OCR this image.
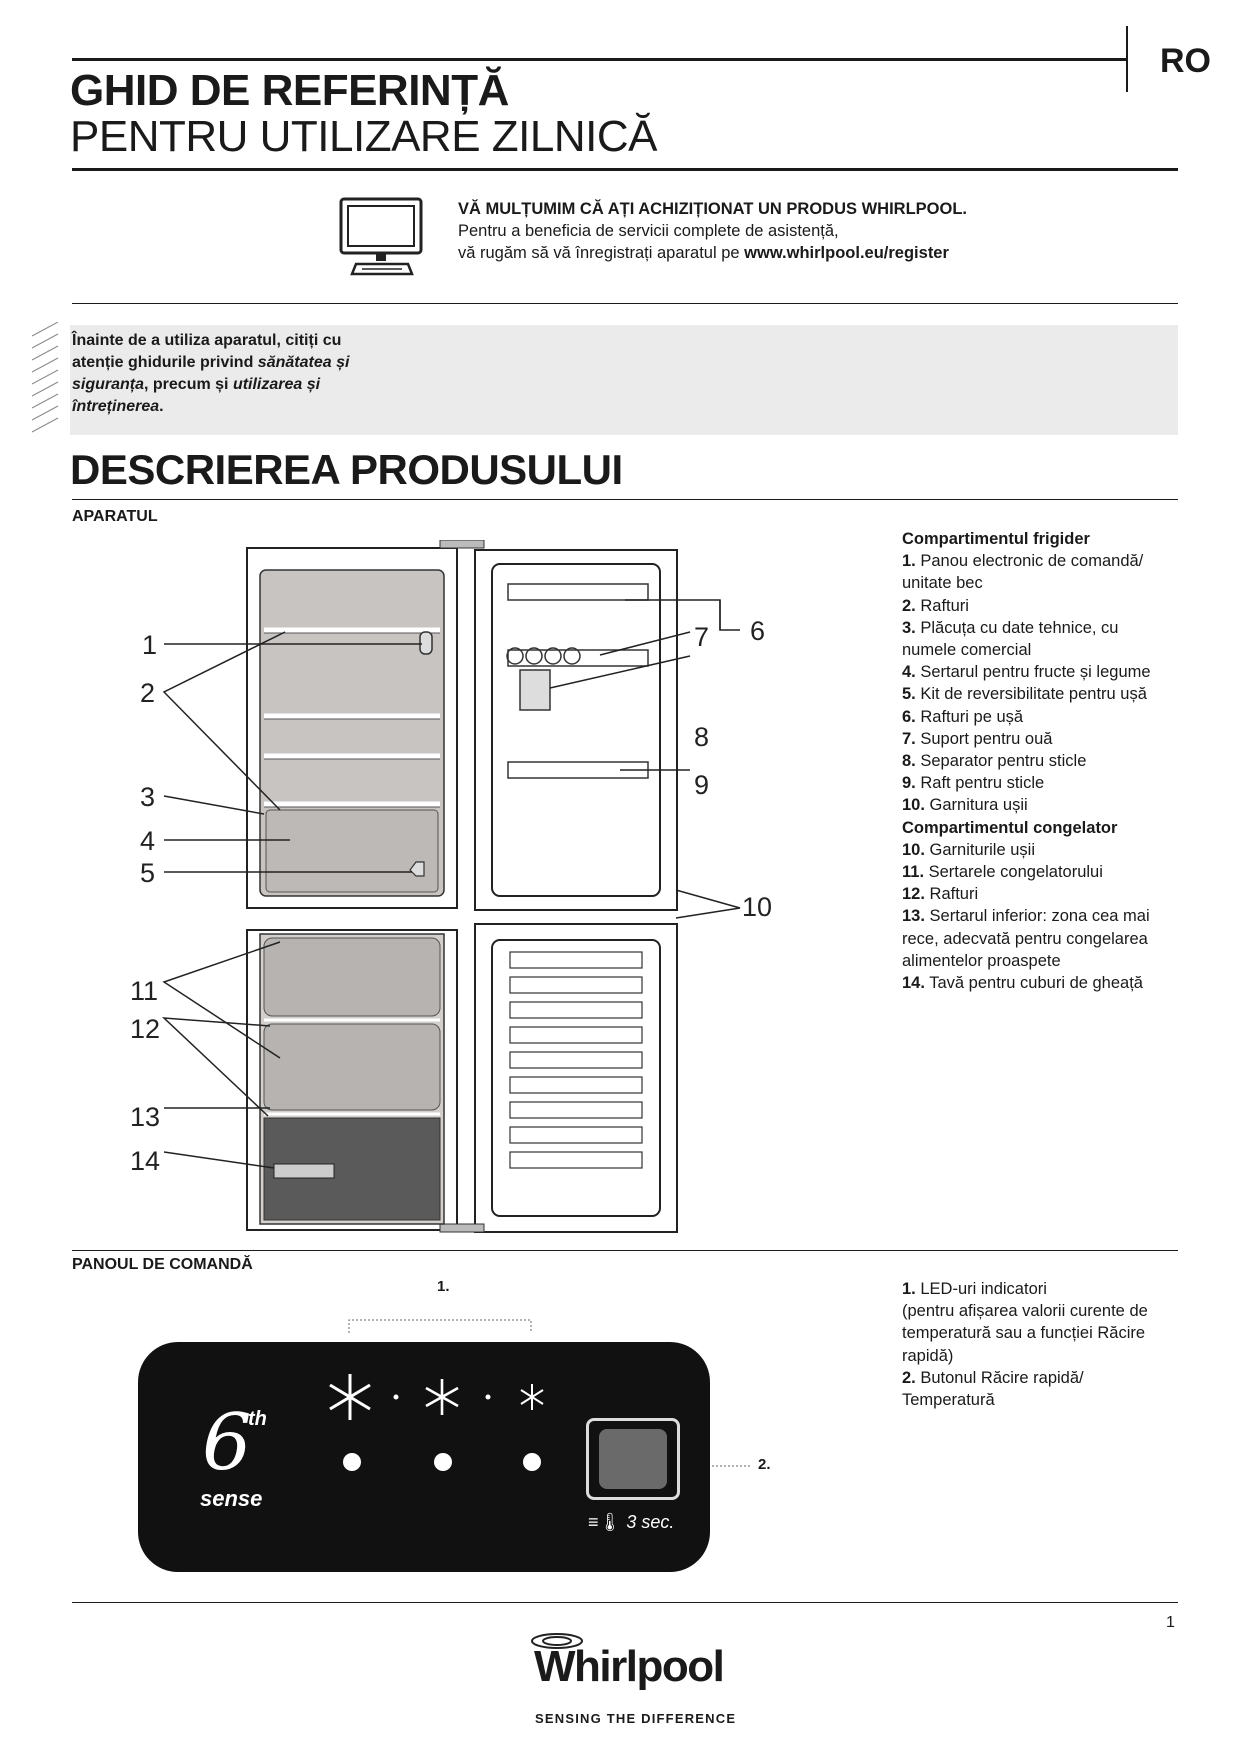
RO
GHID DE REFERINȚĂ
PENTRU UTILIZARE ZILNICĂ
VĂ MULȚUMIM CĂ AȚI ACHIZIȚIONAT UN PRODUS WHIRLPOOL.
Pentru a beneficia de servicii complete de asistență,
vă rugăm să vă înregistrați aparatul pe www.whirlpool.eu/register
Înainte de a utiliza aparatul, citiți cu
atenție ghidurile privind sănătatea și
siguranța, precum și utilizarea și
întreținerea.
DESCRIEREA PRODUSULUI
APARATUL
1
2
3
4
5
6
7
8
9
10
11
12
13
14
Compartimentul frigider
1. Panou electronic de comandă/
unitate bec
2. Rafturi
3. Plăcuța cu date tehnice, cu
numele comercial
4. Sertarul pentru fructe și legume
5. Kit de reversibilitate pentru ușă
6. Rafturi pe ușă
7. Suport pentru ouă
8. Separator pentru sticle
9. Raft pentru sticle
10. Garnitura ușii
Compartimentul congelator
10. Garniturile ușii
11. Sertarele congelatorului
12. Rafturi
13. Sertarul inferior: zona cea mai
rece, adecvată pentru congelarea
alimentelor proaspete
14. Tavă pentru cuburi de gheață
PANOUL DE COMANDĂ
1.
6
th
sense
≡🌡︎ 3 sec.
2.
1. LED-uri indicatori
(pentru afișarea valorii curente de
temperatură sau a funcției Răcire
rapidă)
2. Butonul Răcire rapidă/
Temperatură
1
Whirlpool
SENSING THE DIFFERENCE
